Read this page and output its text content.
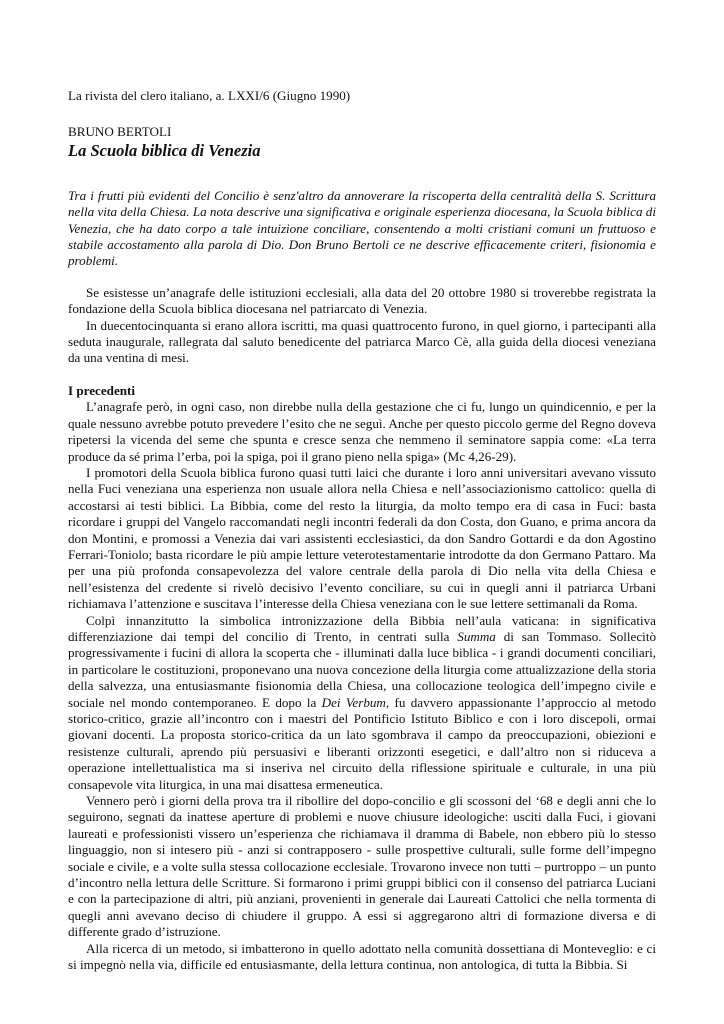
La rivista del clero italiano, a. LXXI/6 (Giugno 1990)

BRUNO BERTOLI

La Scuola biblica di Venezia

Tra i frutti più evidenti del Concilio è senz'altro da annoverare la riscoperta della centralità della S. Scrittura nella vita della Chiesa. La nota descrive una significativa e originale esperienza diocesana, la Scuola biblica di Venezia, che ha dato corpo a tale intuizione conciliare, consentendo a molti cristiani comuni un fruttuoso e stabile accostamento alla parola di Dio. Don Bruno Bertoli ce ne descrive efficacemente criteri, fisionomia e problemi.

Se esistesse un’anagrafe delle istituzioni ecclesiali, alla data del 20 ottobre 1980 si troverebbe registrata la fondazione della Scuola biblica diocesana nel patriarcato di Venezia.

In duecentocinquanta si erano allora iscritti, ma quasi quattrocento furono, in quel giorno, i partecipanti alla seduta inaugurale, rallegrata dal saluto benedicente del patriarca Marco Cè, alla guida della diocesi veneziana da una ventina di mesi.

I precedenti

L’anagrafe però, in ogni caso, non direbbe nulla della gestazione che ci fu, lungo un quindicennio, e per la quale nessuno avrebbe potuto prevedere l’esito che ne seguì. Anche per questo piccolo germe del Regno doveva ripetersi la vicenda del seme che spunta e cresce senza che nemmeno il seminatore sappia come: «La terra produce da sé prima l’erba, poi la spiga, poi il grano pieno nella spiga» (Mc 4,26-29).

I promotori della Scuola biblica furono quasi tutti laici che durante i loro anni universitari avevano vissuto nella Fuci veneziana una esperienza non usuale allora nella Chiesa e nell’associazionismo cattolico: quella di accostarsi ai testi biblici. La Bibbia, come del resto la liturgia, da molto tempo era di casa in Fuci: basta ricordare i gruppi del Vangelo raccomandati negli incontri federali da don Costa, don Guano, e prima ancora da don Montini, e promossi a Venezia dai vari assistenti ecclesiastici, da don Sandro Gottardi e da don Agostino Ferrari-Toniolo; basta ricordare le più ampie letture veterotestamentarie introdotte da don Germano Pattaro. Ma per una più profonda consapevolezza del valore centrale della parola di Dio nella vita della Chiesa e nell’esistenza del credente si rivelò decisivo l’evento conciliare, su cui in quegli anni il patriarca Urbani richiamava l’attenzione e suscitava l’interesse della Chiesa veneziana con le sue lettere settimanali da Roma.

Colpì innanzitutto la simbolica intronizzazione della Bibbia nell’aula vaticana: in significativa differenziazione dai tempi del concilio di Trento, in centrati sulla Summa di san Tommaso. Sollecitò progressivamente i fucini di allora la scoperta che - illuminati dalla luce biblica - i grandi documenti conciliari, in particolare le costituzioni, proponevano una nuova concezione della liturgia come attualizzazione della storia della salvezza, una entusiasmante fisionomia della Chiesa, una collocazione teologica dell’impegno civile e sociale nel mondo contemporaneo. E dopo la Dei Verbum, fu davvero appassionante l’approccio al metodo storico-critico, grazie all’incontro con i maestri del Pontificio Istituto Biblico e con i loro discepoli, ormai giovani docenti. La proposta storico-critica da un lato sgombrava il campo da preoccupazioni, obiezioni e resistenze culturali, aprendo più persuasivi e liberanti orizzonti esegetici, e dall’altro non si riduceva a operazione intellettualistica ma si inseriva nel circuito della riflessione spirituale e culturale, in una più consapevole vita liturgica, in una mai disattesa ermeneutica.

Vennero però i giorni della prova tra il ribollire del dopo-concilio e gli scossoni del ‘68 e degli anni che lo seguirono, segnati da inattese aperture di problemi e nuove chiusure ideologiche: usciti dalla Fuci, i giovani laureati e professionisti vissero un’esperienza che richiamava il dramma di Babele, non ebbero più lo stesso linguaggio, non si intesero più - anzi si contrapposero - sulle prospettive culturali, sulle forme dell’impegno sociale e civile, e a volte sulla stessa collocazione ecclesiale. Trovarono invece non tutti – purtroppo – un punto d’incontro nella lettura delle Scritture. Si formarono i primi gruppi biblici con il consenso del patriarca Luciani e con la partecipazione di altri, più anziani, provenienti in generale dai Laureati Cattolici che nella tormenta di quegli anni avevano deciso di chiudere il gruppo. A essi si aggregarono altri di formazione diversa e di differente grado d’istruzione.

Alla ricerca di un metodo, si imbatterono in quello adottato nella comunità dossettiana di Monteveglio: e ci si impegnò nella via, difficile ed entusiasmante, della lettura continua, non antologica, di tutta la Bibbia. Si
